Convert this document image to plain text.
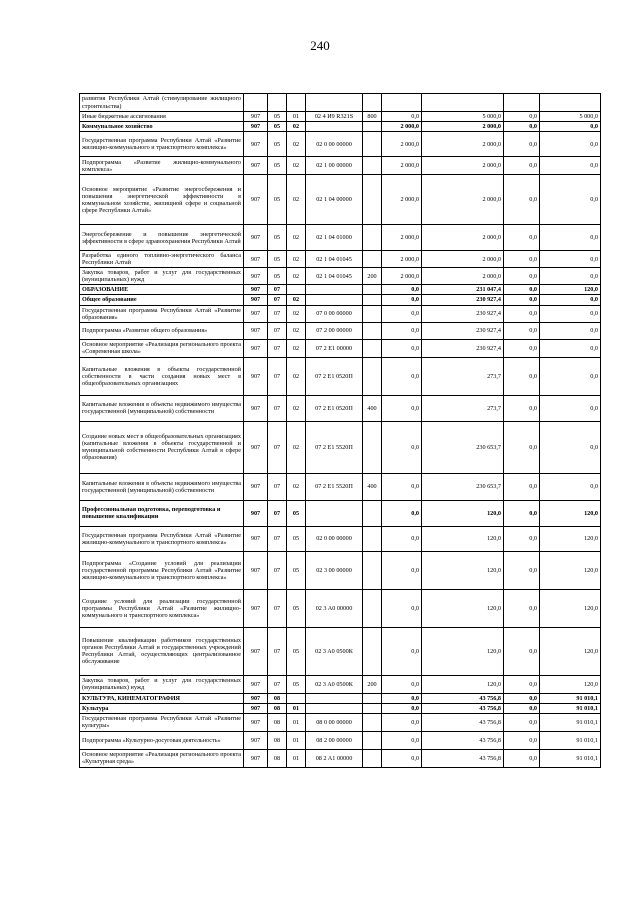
240
развития Республики Алтай (стимулирование жилищного строительства)									
Иные бюджетные ассигнования	907	05	01	02 4 И9 R321S	800	0,0	5 000,0	0,0	5 000,0
Коммунальное хозяйство	907	05	02			2 000,0	2 000,0	0,0	0,0
Государственная программа Республики Алтай «Развитие жилищно-коммунального и транспортного комплекса»	907	05	02	02 0 00 00000		2 000,0	2 000,0	0,0	0,0
Подпрограмма «Развитие жилищно-коммунального комплекса»	907	05	02	02 1 00 00000		2 000,0	2 000,0	0,0	0,0
Основное мероприятие «Развитие энергосбережения и повышения энергетической эффективности в коммунальном хозяйстве, жилищной сфере и социальной сфере Республики Алтай»	907	05	02	02 1 04 00000		2 000,0	2 000,0	0,0	0,0
Энергосбережение и повышение энергетической эффективности в сфере здравоохранения Республики Алтай	907	05	02	02 1 04 01000		2 000,0	2 000,0	0,0	0,0
Разработка единого топливно-энергетического баланса Республики Алтай	907	05	02	02 1 04 01045		2 000,0	2 000,0	0,0	0,0
Закупка товаров, работ и услуг для государственных (муниципальных) нужд	907	05	02	02 1 04 01045	200	2 000,0	2 000,0	0,0	0,0
ОБРАЗОВАНИЕ	907	07				0,0	231 047,4	0,0	120,0
Общее образование	907	07	02			0,0	230 927,4	0,0	0,0
Государственная программа Республики Алтай «Развитие образования»	907	07	02	07 0 00 00000		0,0	230 927,4	0,0	0,0
Подпрограмма «Развитие общего образования»	907	07	02	07 2 00 00000		0,0	230 927,4	0,0	0,0
Основное мероприятие «Реализация регионального проекта «Современная школа»	907	07	02	07 2 E1 00000		0,0	230 927,4	0,0	0,0
Капитальные вложения в объекты государственной собственности в части создания новых мест в общеобразовательных организациях	907	07	02	07 2 E1 0520П		0,0	273,7	0,0	0,0
Капитальные вложения в объекты недвижимого имущества государственной (муниципальной) собственности	907	07	02	07 2 E1 0520П	400	0,0	273,7	0,0	0,0
Создание новых мест в общеобразовательных организациях (капитальные вложения в объекты государственной и муниципальной собственности Республики Алтай в сфере образования)	907	07	02	07 2 E1 5520П		0,0	230 653,7	0,0	0,0
Капитальные вложения в объекты недвижимого имущества государственной (муниципальной) собственности	907	07	02	07 2 E1 5520П	400	0,0	230 653,7	0,0	0,0
Профессиональная подготовка, переподготовка и повышение квалификации	907	07	05			0,0	120,0	0,0	120,0
Государственная программа Республики Алтай «Развитие жилищно-коммунального и транспортного комплекса»	907	07	05	02 0 00 00000		0,0	120,0	0,0	120,0
Подпрограмма «Создание условий для реализации государственной программы Республики Алтай «Развитие жилищно-коммунального и транспортного комплекса»	907	07	05	02 3 00 00000		0,0	120,0	0,0	120,0
Создание условий для реализации государственной программы Республики Алтай «Развитие жилищно-коммунального и транспортного комплекса»	907	07	05	02 3 A0 00000		0,0	120,0	0,0	120,0
Повышение квалификации работников государственных органов Республики Алтай и государственных учреждений Республики Алтай, осуществляющих централизованное обслуживание	907	07	05	02 3 A0 0500К		0,0	120,0	0,0	120,0
Закупка товаров, работ и услуг для государственных (муниципальных) нужд	907	07	05	02 3 A0 0500К	200	0,0	120,0	0,0	120,0
КУЛЬТУРА, КИНЕМАТОГРАФИЯ	907	08				0,0	43 756,8	0,0	91 010,1
Культура	907	08	01			0,0	43 756,8	0,0	91 010,1
Государственная программа Республики Алтай «Развитие культуры»	907	08	01	08 0 00 00000		0,0	43 756,8	0,0	91 010,1
Подпрограмма «Культурно-досуговая деятельность»	907	08	01	08 2 00 00000		0,0	43 756,8	0,0	91 010,1
Основное мероприятие «Реализация регионального проекта «Культурная среда»	907	08	01	08 2 A1 00000		0,0	43 756,8	0,0	91 010,1
